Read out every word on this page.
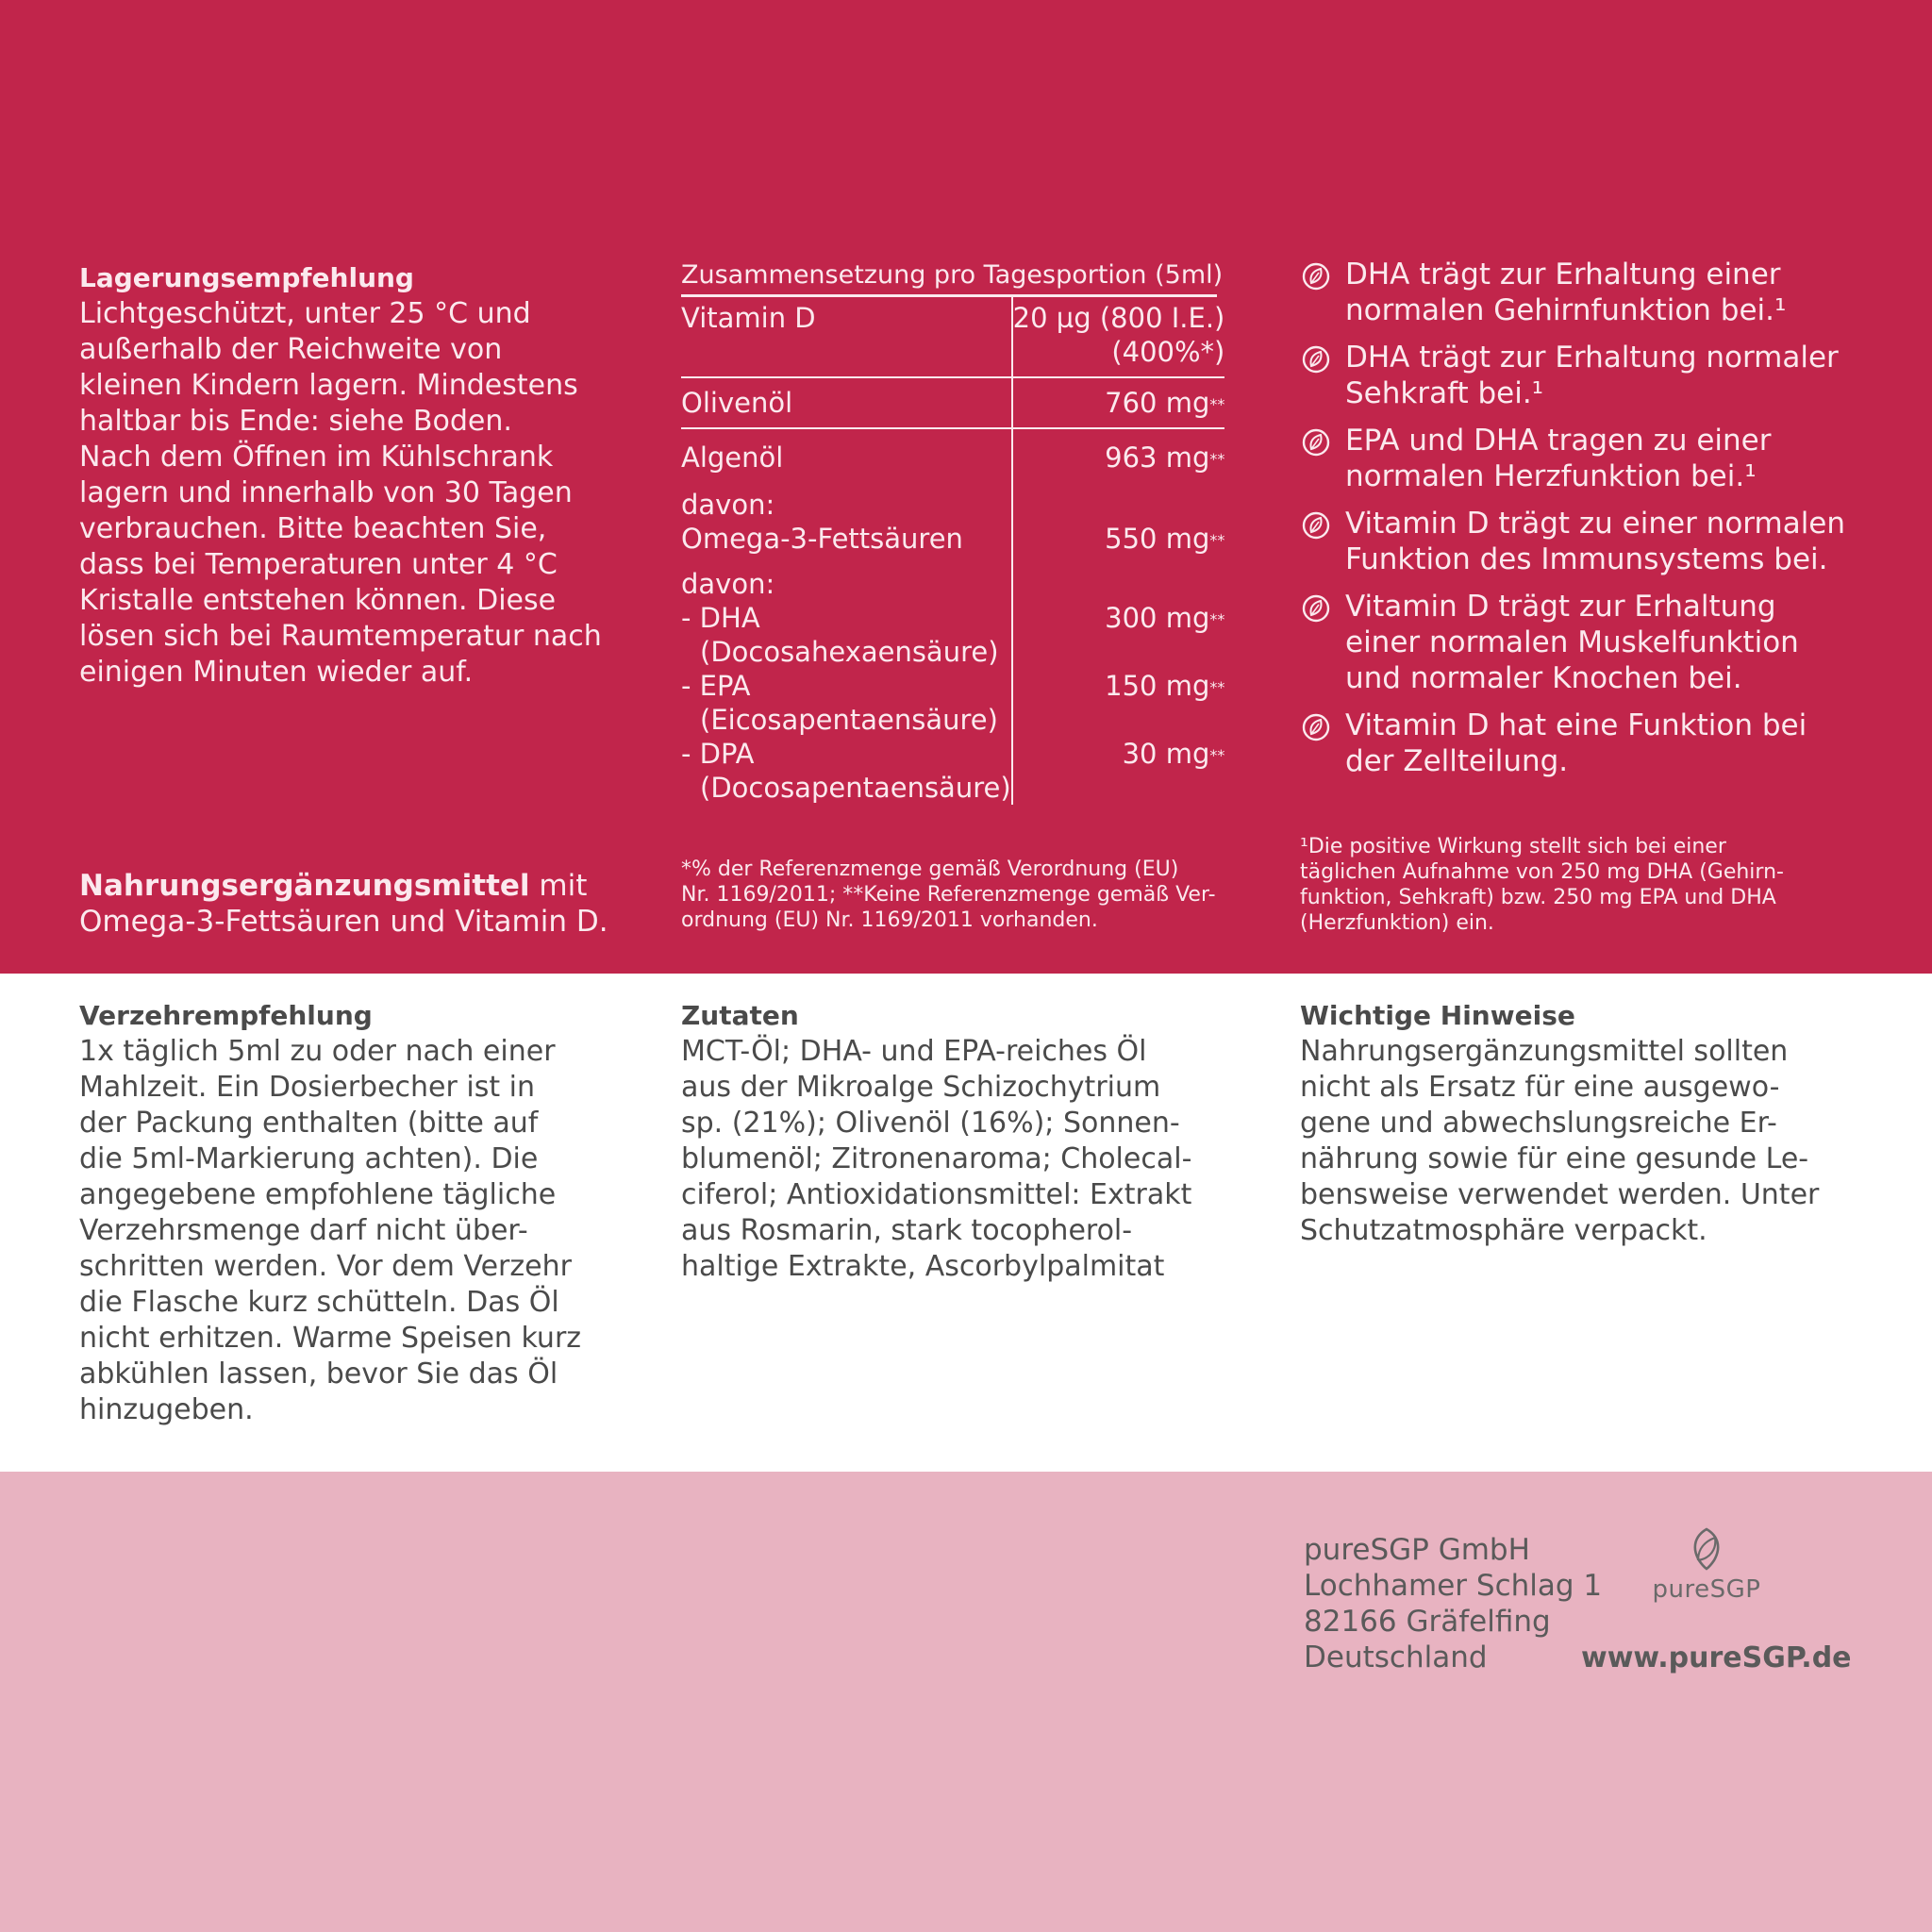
Lagerungsempfehlung

Lichtgeschützt, unter 25 °C und
außerhalb der Reichweite von
kleinen Kindern lagern. Mindestens
haltbar bis Ende: siehe Boden.
Nach dem Öffnen im Kühlschrank
lagern und innerhalb von 30 Tagen
verbrauchen. Bitte beachten Sie,
dass bei Temperaturen unter 4 °C
Kristalle entstehen können. Diese
lösen sich bei Raumtemperatur nach
einigen Minuten wieder auf.

Nahrungsergänzungsmittel mit
Omega-3-Fettsäuren und Vitamin D.

Zusammensetzung pro Tagesportion (5ml)
Vitamin D	20 µg (800 I.E.)
(400%*)

Olivenöl	760 mg**
Algenöl	963 mg**

davon:
Omega-3-Fettsäuren	550 mg**

davon:
- DHA
(Docosahexaensäure)	300 mg**

- EPA
(Eicosapentaensäure)	150 mg**

- DPA
(Docosapentaensäure)	30 mg**

*% der Referenzmenge gemäß Verordnung (EU)
Nr. 1169/2011; **Keine Referenzmenge gemäß Ver-
ordnung (EU) Nr. 1169/2011 vorhanden.

DHA trägt zur Erhaltung einer
normalen Gehirnfunktion bei.¹

DHA trägt zur Erhaltung normaler
Sehkraft bei.¹

EPA und DHA tragen zu einer
normalen Herzfunktion bei.¹

Vitamin D trägt zu einer normalen
Funktion des Immunsystems bei.

Vitamin D trägt zur Erhaltung
einer normalen Muskelfunktion
und normaler Knochen bei.

Vitamin D hat eine Funktion bei
der Zellteilung.

¹Die positive Wirkung stellt sich bei einer
täglichen Aufnahme von 250 mg DHA (Gehirn-
funktion, Sehkraft) bzw. 250 mg EPA und DHA
(Herzfunktion) ein.

Verzehrempfehlung

1x täglich 5ml zu oder nach einer
Mahlzeit. Ein Dosierbecher ist in
der Packung enthalten (bitte auf
die 5ml-Markierung achten). Die
angegebene empfohlene tägliche
Verzehrsmenge darf nicht über-
schritten werden. Vor dem Verzehr
die Flasche kurz schütteln. Das Öl
nicht erhitzen. Warme Speisen kurz
abkühlen lassen, bevor Sie das Öl
hinzugeben.

Zutaten

MCT-Öl; DHA- und EPA-reiches Öl
aus der Mikroalge Schizochytrium
sp. (21%); Olivenöl (16%); Sonnen-
blumenöl; Zitronenaroma; Cholecal-
ciferol; Antioxidationsmittel: Extrakt
aus Rosmarin, stark tocopherol-
haltige Extrakte, Ascorbylpalmitat

Wichtige Hinweise

Nahrungsergänzungsmittel sollten
nicht als Ersatz für eine ausgewo-
gene und abwechslungsreiche Er-
nährung sowie für eine gesunde Le-
bensweise verwendet werden. Unter
Schutzatmosphäre verpackt.

pureSGP GmbH
Lochhamer Schlag 1
82166 Gräfelfing
Deutschland
pureSGP
www.pureSGP.de
